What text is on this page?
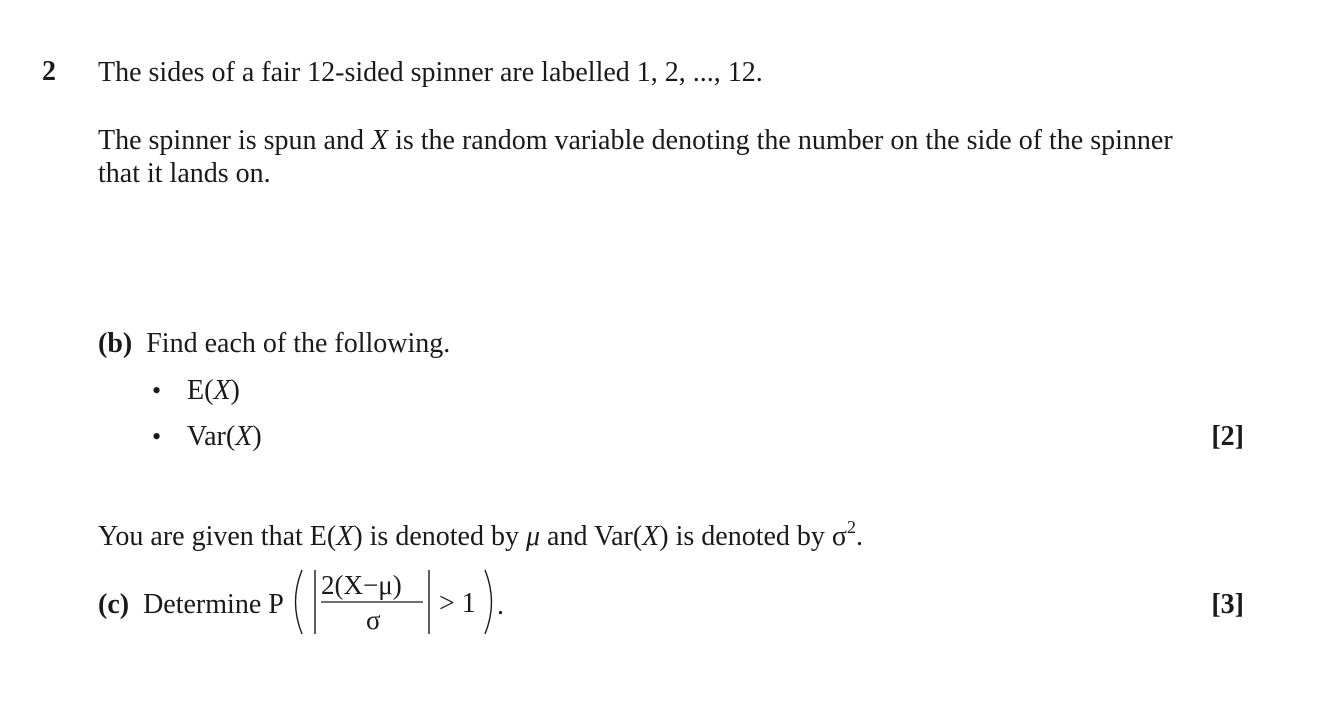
2 The sides of a fair 12-sided spinner are labelled 1, 2, ..., 12.
The spinner is spun and X is the random variable denoting the number on the side of the spinner
that it lands on.
(b) Find each of the following.
• E(X)
• Var(X)	[2]
You are given that E(X) is denoted by μ and Var(X) is denoted by $\sigma^2$.
(c) Determine P
2(X−μ)
σ
> 1 .	[3]
